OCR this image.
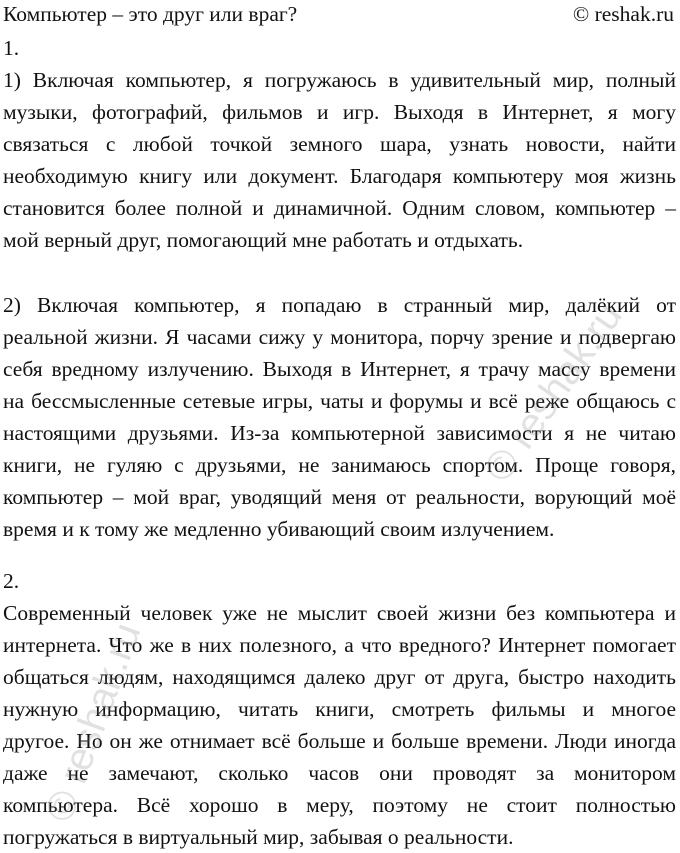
Компьютер – это друг или враг?	© reshak.ru
1.
1) Включая компьютер, я погружаюсь в удивительный мир, полный
музыки, фотографий, фильмов и игр. Выходя в Интернет, я могу
связаться с любой точкой земного шара, узнать новости, найти
необходимую книгу или документ. Благодаря компьютеру моя жизнь
становится более полной и динамичной. Одним словом, компьютер –
мой верный друг, помогающий мне работать и отдыхать.
2) Включая компьютер, я попадаю в странный мир, далёкий от
реальной жизни. Я часами сижу у монитора, порчу зрение и подвергаю
себя вредному излучению. Выходя в Интернет, я трачу массу времени
на бессмысленные сетевые игры, чаты и форумы и всё реже общаюсь с
настоящими друзьями. Из-за компьютерной зависимости я не читаю
книги, не гуляю с друзьями, не занимаюсь спортом. Проще говоря,
компьютер – мой враг, уводящий меня от реальности, ворующий моё
время и к тому же медленно убивающий своим излучением.
2.
Современный человек уже не мыслит своей жизни без компьютера и
интернета. Что же в них полезного, а что вредного? Интернет помогает
общаться людям, находящимся далеко друг от друга, быстро находить
нужную информацию, читать книги, смотреть фильмы и многое
другое. Но он же отнимает всё больше и больше времени. Люди иногда
даже не замечают, сколько часов они проводят за монитором
компьютера. Всё хорошо в меру, поэтому не стоит полностью
погружаться в виртуальный мир, забывая о реальности.
© reshak.ru
© reshak.ru
